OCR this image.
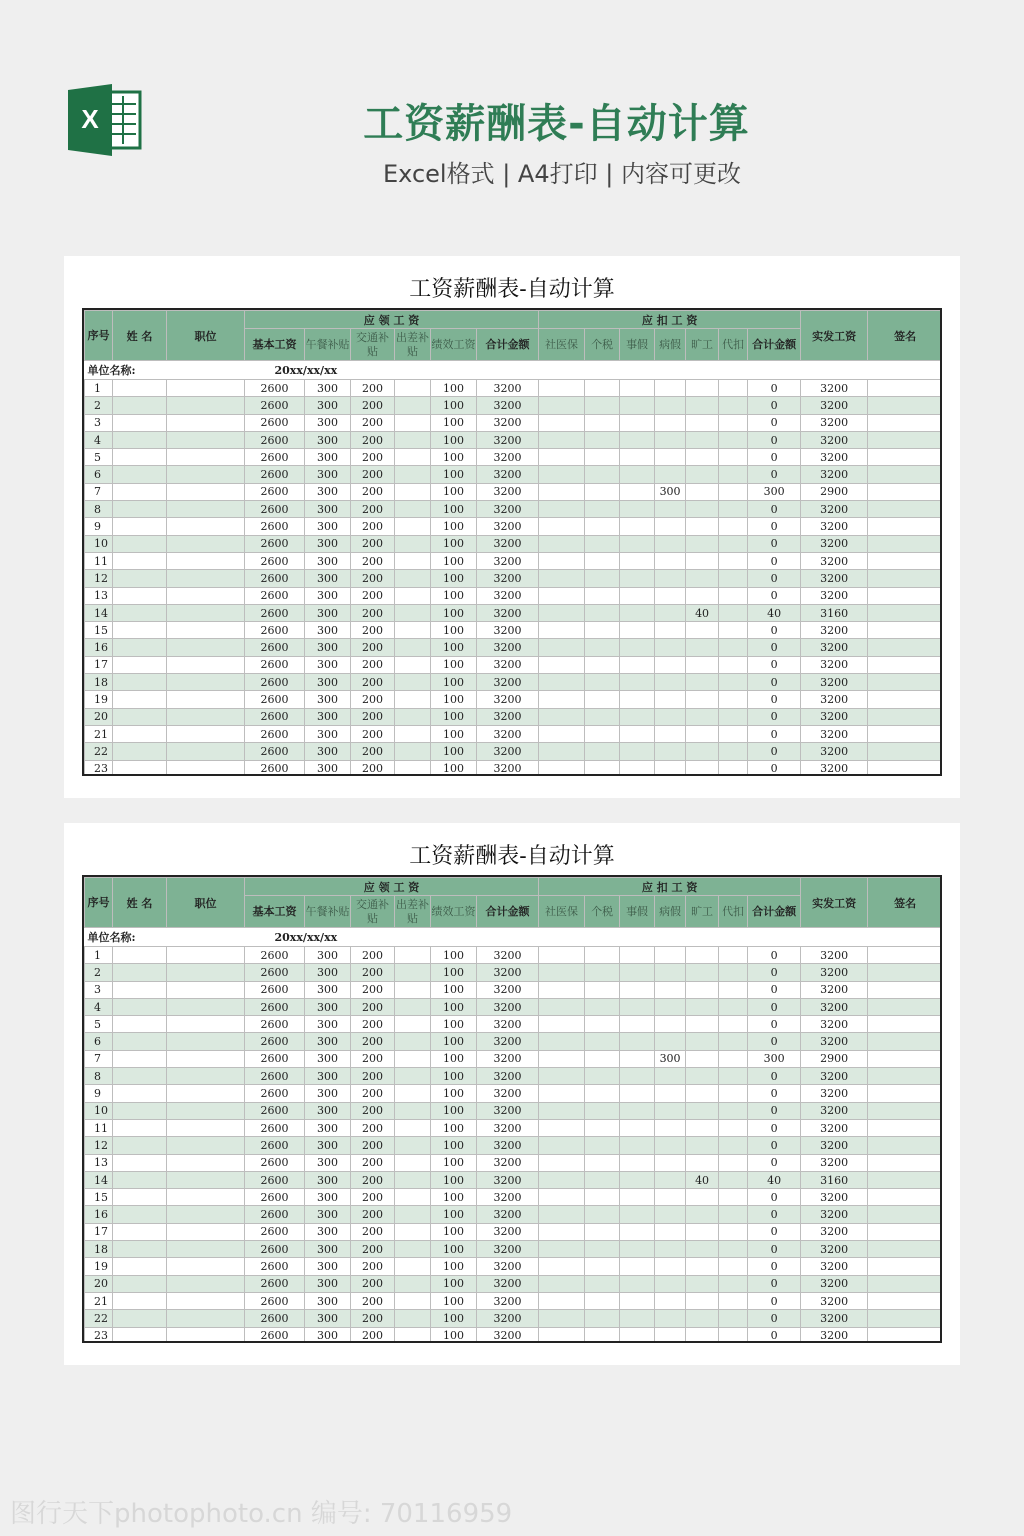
X	工资薪酬表-自动计算
Excel格式 | A4打印 | 内容可更改
工资薪酬表-自动计算
单位名称:			20xx/xx/xx														
序号	姓 名	职位	应 领 工 资						应 扣 工 资							实发工资	签名
			基本工资	午餐补贴	交通补贴	出差补贴	绩效工资	合计金额	社医保	个税	事假	病假	旷工	代扣	合计金额		
1			2600	300	200		100	3200							0	3200	
2			2600	300	200		100	3200							0	3200	
3			2600	300	200		100	3200							0	3200	
4			2600	300	200		100	3200							0	3200	
5			2600	300	200		100	3200							0	3200	
6			2600	300	200		100	3200							0	3200	
7			2600	300	200		100	3200				300			300	2900	
8			2600	300	200		100	3200							0	3200	
9			2600	300	200		100	3200							0	3200	
10			2600	300	200		100	3200							0	3200	
11			2600	300	200		100	3200							0	3200	
12			2600	300	200		100	3200							0	3200	
13			2600	300	200		100	3200							0	3200	
14			2600	300	200		100	3200					40		40	3160	
15			2600	300	200		100	3200							0	3200	
16			2600	300	200		100	3200							0	3200	
17			2600	300	200		100	3200							0	3200	
18			2600	300	200		100	3200							0	3200	
19			2600	300	200		100	3200							0	3200	
20			2600	300	200		100	3200							0	3200	
21			2600	300	200		100	3200							0	3200	
22			2600	300	200		100	3200							0	3200	
23			2600	300	200		100	3200							0	3200	
工资薪酬表-自动计算
单位名称:			20xx/xx/xx														
序号	姓 名	职位	应 领 工 资						应 扣 工 资							实发工资	签名
			基本工资	午餐补贴	交通补贴	出差补贴	绩效工资	合计金额	社医保	个税	事假	病假	旷工	代扣	合计金额		
1			2600	300	200		100	3200							0	3200	
2			2600	300	200		100	3200							0	3200	
3			2600	300	200		100	3200							0	3200	
4			2600	300	200		100	3200							0	3200	
5			2600	300	200		100	3200							0	3200	
6			2600	300	200		100	3200							0	3200	
7			2600	300	200		100	3200				300			300	2900	
8			2600	300	200		100	3200							0	3200	
9			2600	300	200		100	3200							0	3200	
10			2600	300	200		100	3200							0	3200	
11			2600	300	200		100	3200							0	3200	
12			2600	300	200		100	3200							0	3200	
13			2600	300	200		100	3200							0	3200	
14			2600	300	200		100	3200					40		40	3160	
15			2600	300	200		100	3200							0	3200	
16			2600	300	200		100	3200							0	3200	
17			2600	300	200		100	3200							0	3200	
18			2600	300	200		100	3200							0	3200	
19			2600	300	200		100	3200							0	3200	
20			2600	300	200		100	3200							0	3200	
21			2600	300	200		100	3200							0	3200	
22			2600	300	200		100	3200							0	3200	
23			2600	300	200		100	3200							0	3200	
图行天下photophoto.cn 编号: 70116959
